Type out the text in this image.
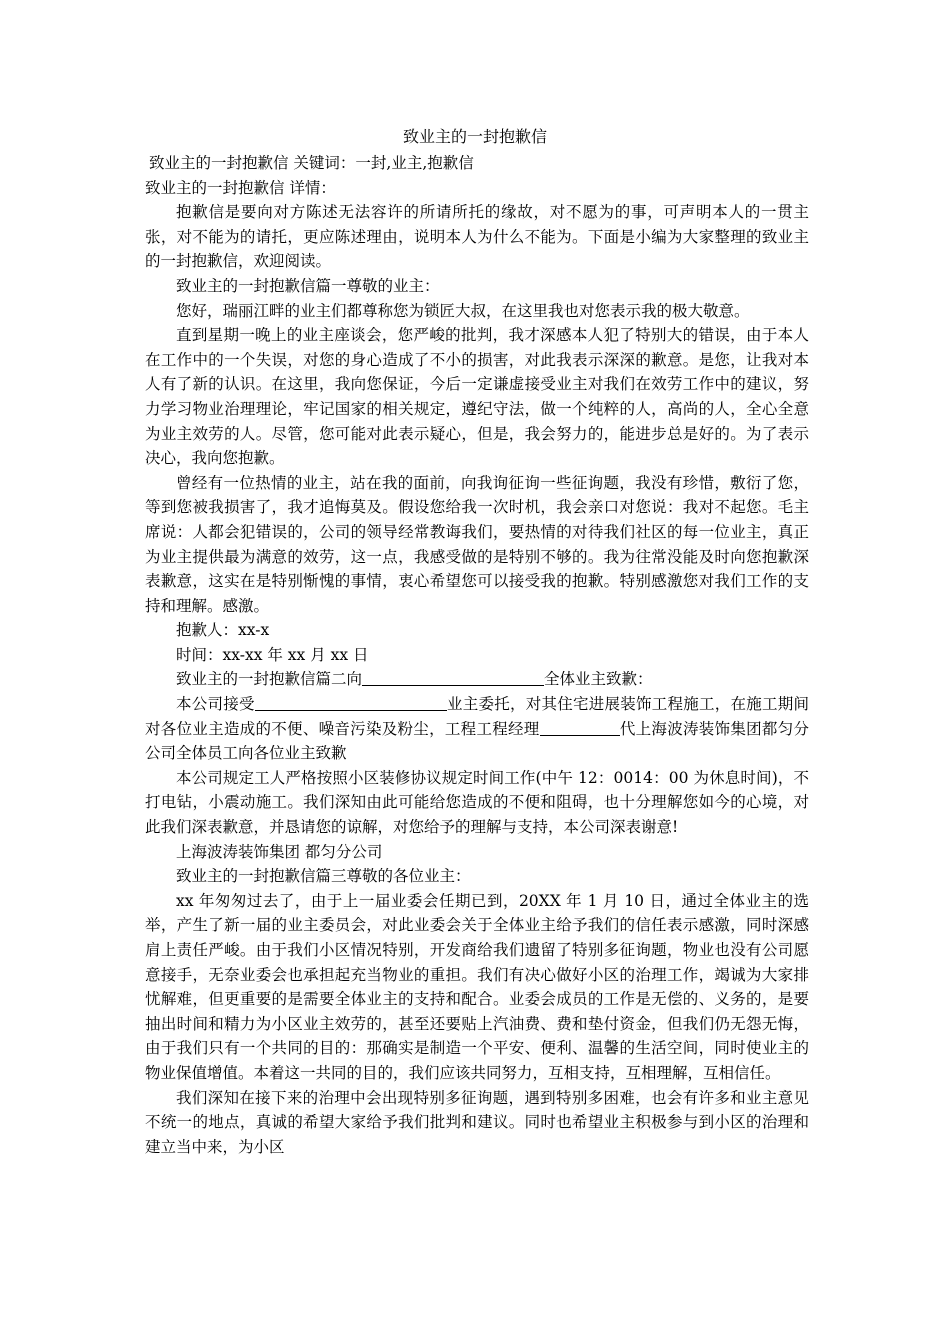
致业主的一封抱歉信

致业主的一封抱歉信 关键词：一封,业主,抱歉信

致业主的一封抱歉信 详情：

抱歉信是要向对方陈述无法容许的所请所托的缘故，对不愿为的事，可声明本人的一贯主张，对不能为的请托，更应陈述理由，说明本人为什么不能为。下面是小编为大家整理的致业主的一封抱歉信，欢迎阅读。

致业主的一封抱歉信篇一尊敬的业主：

您好，瑞丽江畔的业主们都尊称您为锁匠大叔，在这里我也对您表示我的极大敬意。

直到星期一晚上的业主座谈会，您严峻的批判，我才深感本人犯了特别大的错误，由于本人在工作中的一个失误，对您的身心造成了不小的损害，对此我表示深深的歉意。是您，让我对本人有了新的认识。在这里，我向您保证，今后一定谦虚接受业主对我们在效劳工作中的建议，努力学习物业治理理论，牢记国家的相关规定，遵纪守法，做一个纯粹的人，高尚的人，全心全意为业主效劳的人。尽管，您可能对此表示疑心，但是，我会努力的，能进步总是好的。为了表示决心，我向您抱歉。

曾经有一位热情的业主，站在我的面前，向我询征询一些征询题，我没有珍惜，敷衍了您，等到您被我损害了，我才追悔莫及。假设您给我一次时机，我会亲口对您说：我对不起您。毛主席说：人都会犯错误的，公司的领导经常教诲我们，要热情的对待我们社区的每一位业主，真正为业主提供最为满意的效劳，这一点，我感受做的是特别不够的。我为往常没能及时向您抱歉深表歉意，这实在是特别惭愧的事情，衷心希望您可以接受我的抱歉。特别感激您对我们工作的支持和理解。感激。

抱歉人：xx-x

时间：xx-xx 年 xx 月 xx 日

致业主的一封抱歉信篇二向	全体业主致歉：

本公司接受	业主委托，对其住宅进展装饰工程施工，在施工期间对各位业主造成的不便、噪音污染及粉尘，工程工程经理	代上海波涛装饰集团都匀分公司全体员工向各位业主致歉

本公司规定工人严格按照小区装修协议规定时间工作(中午 12：0014：00 为休息时间)，不打电钻，小震动施工。我们深知由此可能给您造成的不便和阻碍，也十分理解您如今的心境，对此我们深表歉意，并恳请您的谅解，对您给予的理解与支持，本公司深表谢意!

上海波涛装饰集团 都匀分公司

致业主的一封抱歉信篇三尊敬的各位业主：

xx 年匆匆过去了，由于上一届业委会任期已到，20XX 年 1 月 10 日，通过全体业主的选举，产生了新一届的业主委员会，对此业委会关于全体业主给予我们的信任表示感激，同时深感肩上责任严峻。由于我们小区情况特别，开发商给我们遗留了特别多征询题，物业也没有公司愿意接手，无奈业委会也承担起充当物业的重担。我们有决心做好小区的治理工作，竭诚为大家排忧解难，但更重要的是需要全体业主的支持和配合。业委会成员的工作是无偿的、义务的，是要抽出时间和精力为小区业主效劳的，甚至还要贴上汽油费、费和垫付资金，但我们仍无怨无悔，由于我们只有一个共同的目的：那确实是制造一个平安、便利、温馨的生活空间，同时使业主的物业保值增值。本着这一共同的目的，我们应该共同努力，互相支持，互相理解，互相信任。

我们深知在接下来的治理中会出现特别多征询题，遇到特别多困难，也会有许多和业主意见不统一的地点，真诚的希望大家给予我们批判和建议。同时也希望业主积极参与到小区的治理和建立当中来，为小区
